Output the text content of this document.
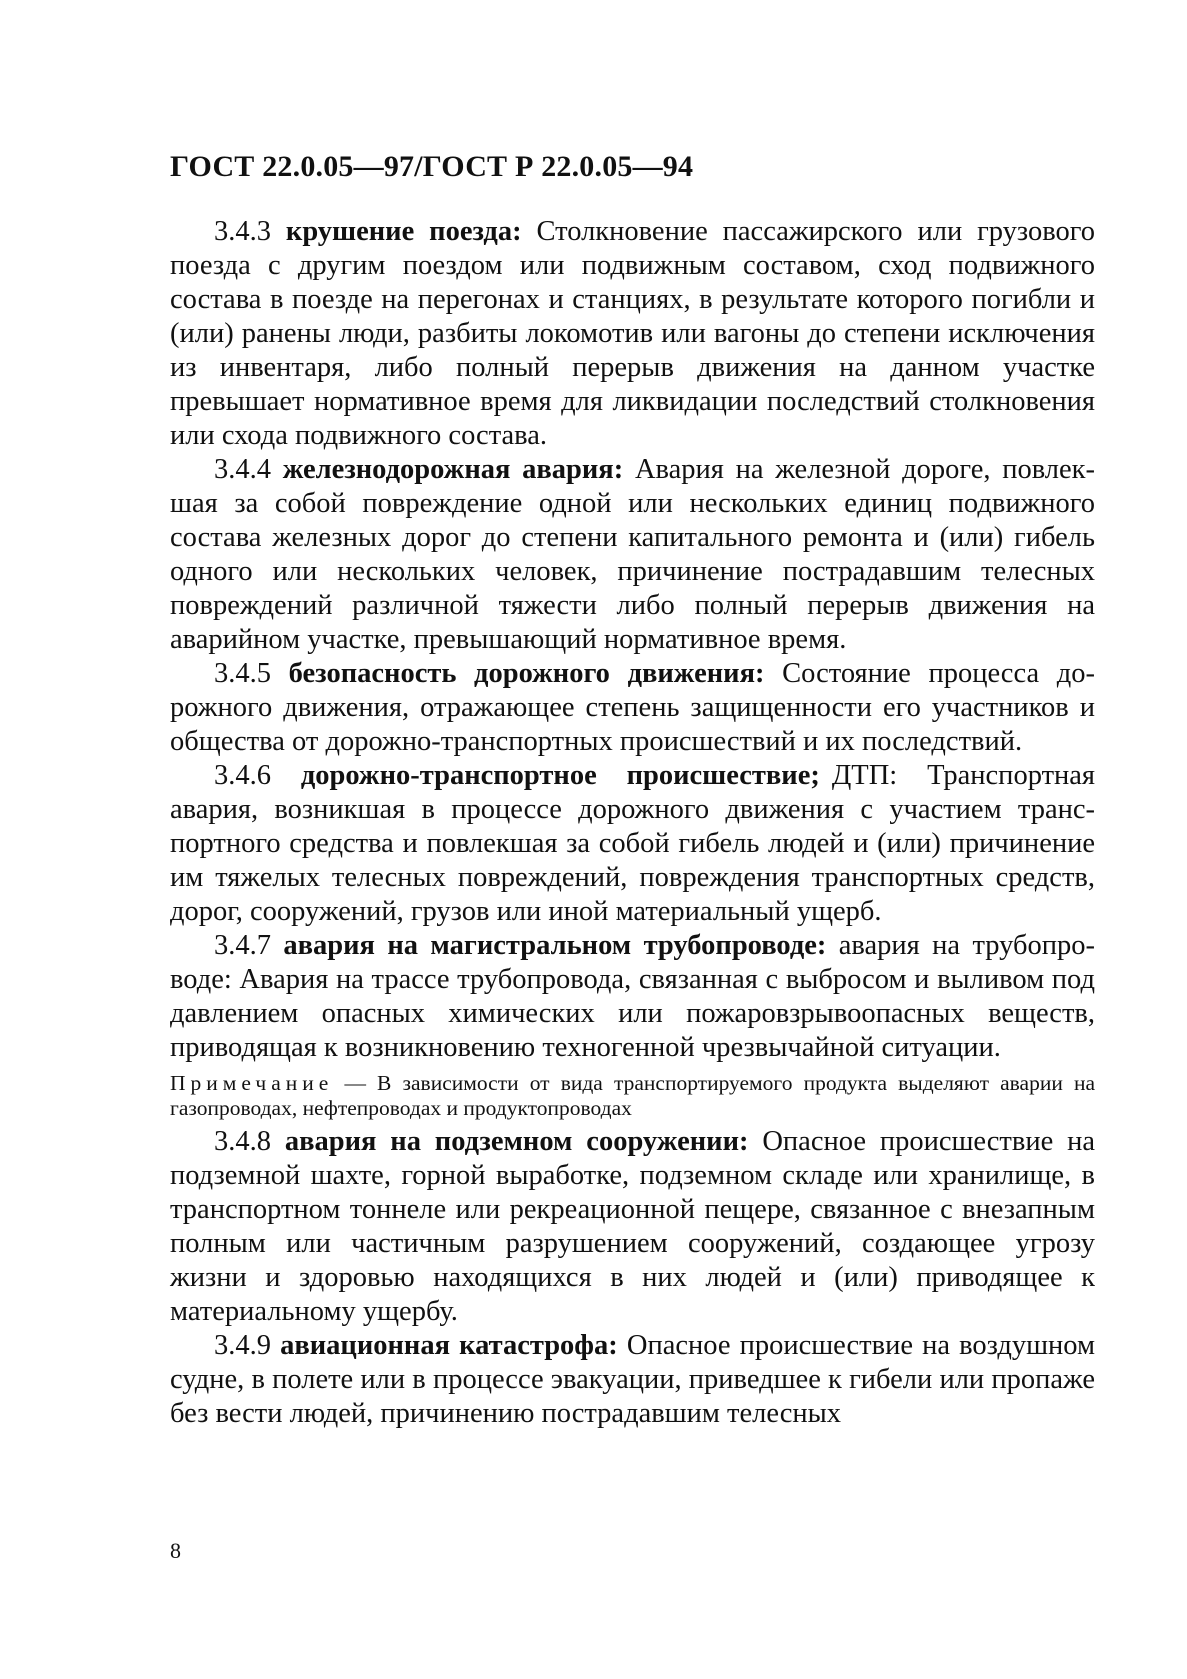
ГОСТ 22.0.05—97/ГОСТ Р 22.0.05—94

3.4.3 крушение поезда: Столкновение пассажирского или грузового поезда с другим поездом или подвижным составом, сход подвижного состава в поезде на перегонах и станциях, в результате которого погибли и (или) ранены люди, разбиты локомотив или вагоны до степени исключения из инвентаря, либо полный перерыв движения на данном участке превышает нормативное время для ликвидации последствий столкновения или схода подвижного состава.

3.4.4 железнодорожная авария: Авария на железной дороге, повлекшая за собой повреждение одной или нескольких единиц подвижного состава железных дорог до степени капитального ремонта и (или) гибель одного или нескольких человек, причинение пострадавшим телесных повреждений различной тяжести либо полный перерыв движения на аварийном участке, превышающий нормативное время.

3.4.5 безопасность дорожного движения: Состояние процесса дорожного движения, отражающее степень защищенности его участников и общества от дорожно-транспортных происшествий и их последствий.

3.4.6 дорожно-транспортное происшествие; ДТП: Транспортная авария, возникшая в процессе дорожного движения с участием транспортного средства и повлекшая за собой гибель людей и (или) причинение им тяжелых телесных повреждений, повреждения транспортных средств, дорог, сооружений, грузов или иной материальный ущерб.

3.4.7 авария на магистральном трубопроводе: авария на трубопроводе: Авария на трассе трубопровода, связанная с выбросом и выливом под давлением опасных химических или пожаровзрывоопасных веществ, приводящая к возникновению техногенной чрезвычайной ситуации.

Примечание — В зависимости от вида транспортируемого продукта выделяют аварии на газопроводах, нефтепроводах и продуктопроводах

3.4.8 авария на подземном сооружении: Опасное происшествие на подземной шахте, горной выработке, подземном складе или хранилище, в транспортном тоннеле или рекреационной пещере, связанное с внезапным полным или частичным разрушением сооружений, создающее угрозу жизни и здоровью находящихся в них людей и (или) приводящее к материальному ущербу.

3.4.9 авиационная катастрофа: Опасное происшествие на воздушном судне, в полете или в процессе эвакуации, приведшее к гибели или пропаже без вести людей, причинению пострадавшим телесных

8
